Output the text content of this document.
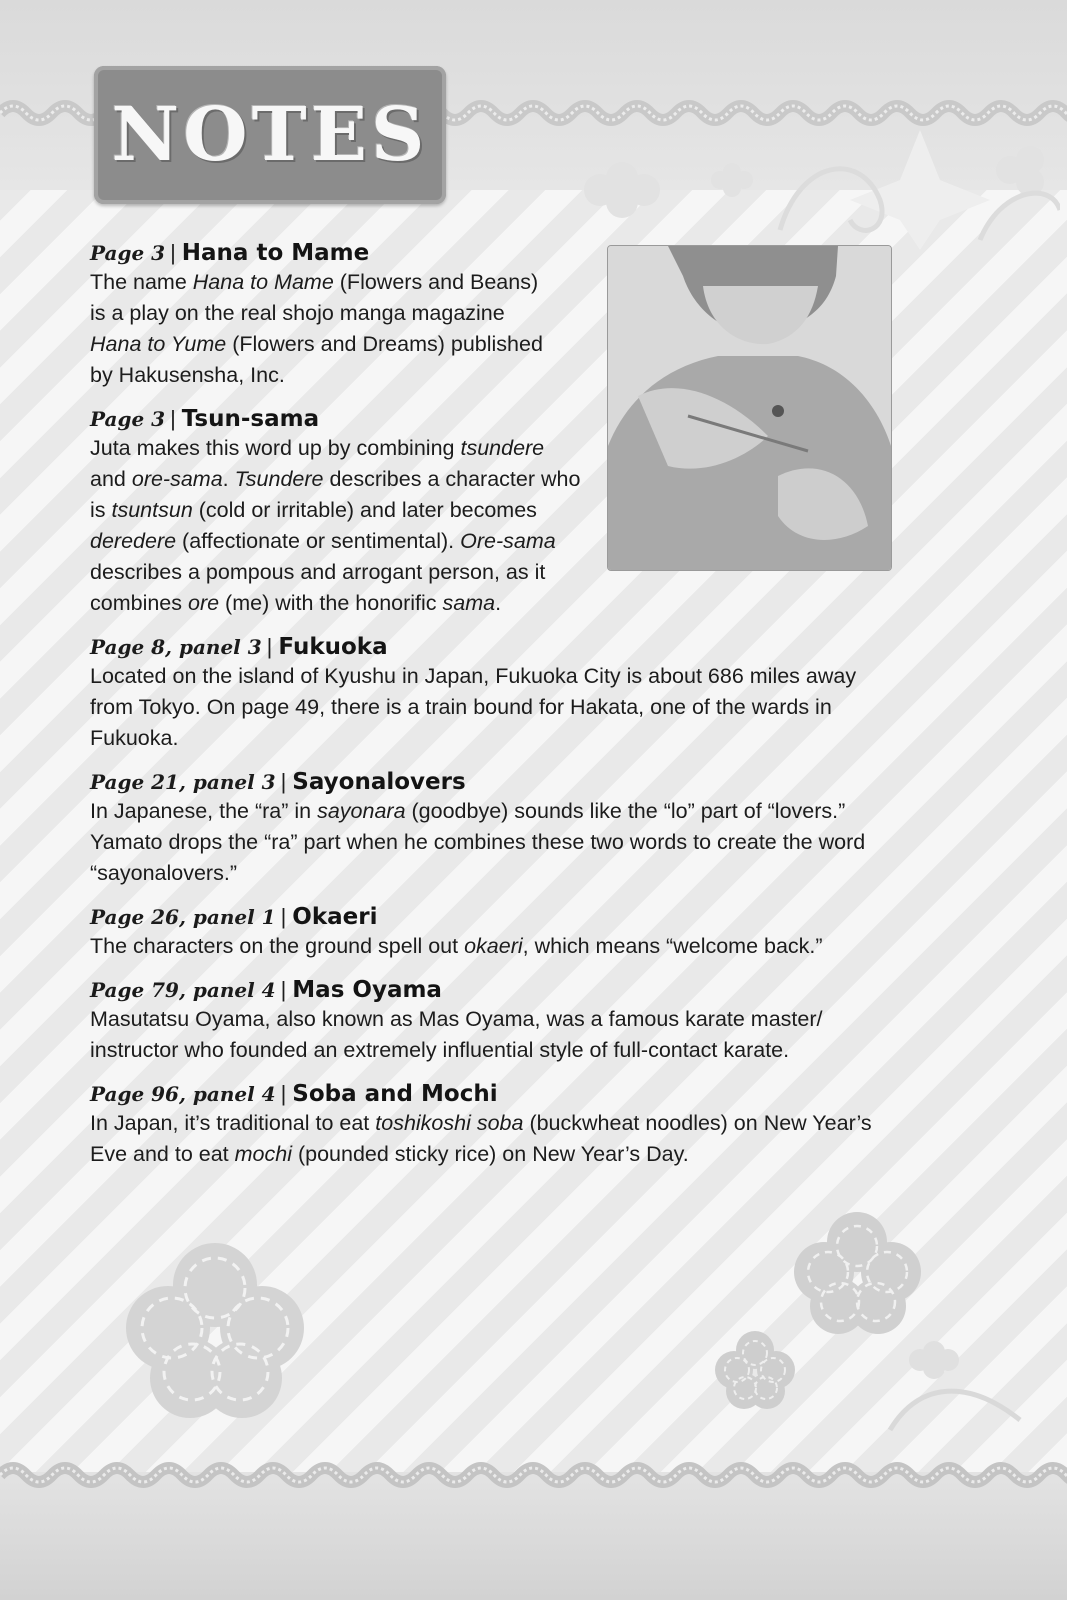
NOTES
Page 3 | Hana to Mame
The name Hana to Mame (Flowers and Beans)
is a play on the real shojo manga magazine
Hana to Yume (Flowers and Dreams) published
by Hakusensha, Inc.
Page 3 | Tsun-sama
Juta makes this word up by combining tsundere
and ore-sama. Tsundere describes a character who
is tsuntsun (cold or irritable) and later becomes
deredere (affectionate or sentimental). Ore-sama
describes a pompous and arrogant person, as it
combines ore (me) with the honorific sama.
Page 8, panel 3 | Fukuoka
Located on the island of Kyushu in Japan, Fukuoka City is about 686 miles away
from Tokyo. On page 49, there is a train bound for Hakata, one of the wards in
Fukuoka.
Page 21, panel 3 | Sayonalovers
In Japanese, the “ra” in sayonara (goodbye) sounds like the “lo” part of “lovers.”
Yamato drops the “ra” part when he combines these two words to create the word
“sayonalovers.”
Page 26, panel 1 | Okaeri
The characters on the ground spell out okaeri, which means “welcome back.”
Page 79, panel 4 | Mas Oyama
Masutatsu Oyama, also known as Mas Oyama, was a famous karate master/
instructor who founded an extremely influential style of full-contact karate.
Page 96, panel 4 | Soba and Mochi
In Japan, it’s traditional to eat toshikoshi soba (buckwheat noodles) on New Year’s
Eve and to eat mochi (pounded sticky rice) on New Year’s Day.
